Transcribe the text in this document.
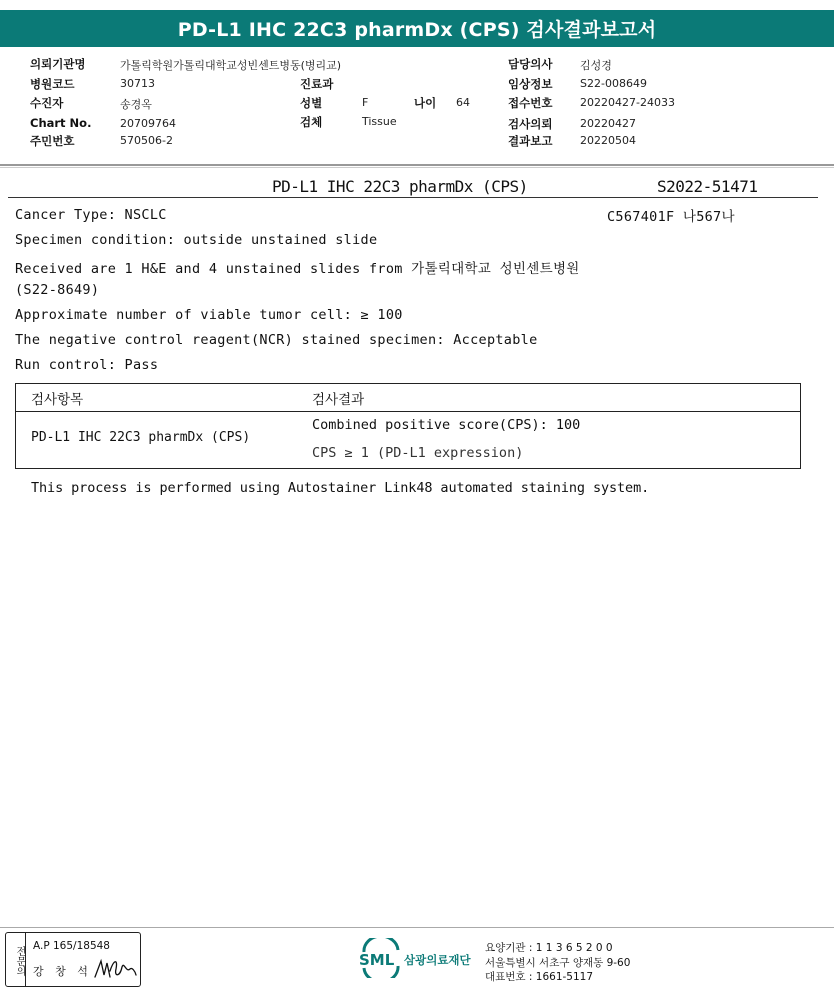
PD-L1 IHC 22C3 pharmDx (CPS) 검사결과보고서
의뢰기관명	가톨릭학원가톨릭대학교성빈센트병동(병리교)
병원코드	30713
수진자	송경옥
Chart No.	20709764
주민번호	570506-2
진료과
성별	F	나이 64
검체	Tissue
담당의사	김성경
임상정보	S22-008649
접수번호	20220427-24033
검사의뢰	20220427
결과보고	20220504
PD-L1 IHC 22C3 pharmDx (CPS)	S2022-51471
Cancer Type: NSCLC	C567401F 나567나
Specimen condition: outside unstained slide
Received are 1 H&E and 4 unstained slides from 가톨릭대학교 성빈센트병원
(S22-8649)
Approximate number of viable tumor cell: ≥ 100
The negative control reagent(NCR) stained specimen: Acceptable
Run control: Pass
검사항목	검사결과
PD-L1 IHC 22C3 pharmDx (CPS)
Combined positive score(CPS): 100
CPS ≥ 1 (PD-L1 expression)
This process is performed using Autostainer Link48 automated staining system.
전문의 A.P 165/18548
강 창 석
SML 삼광의료재단
요양기관 : 1 1 3 6 5 2 0 0
서울특별시 서초구 양재동 9-60
대표번호 : 1661-5117
